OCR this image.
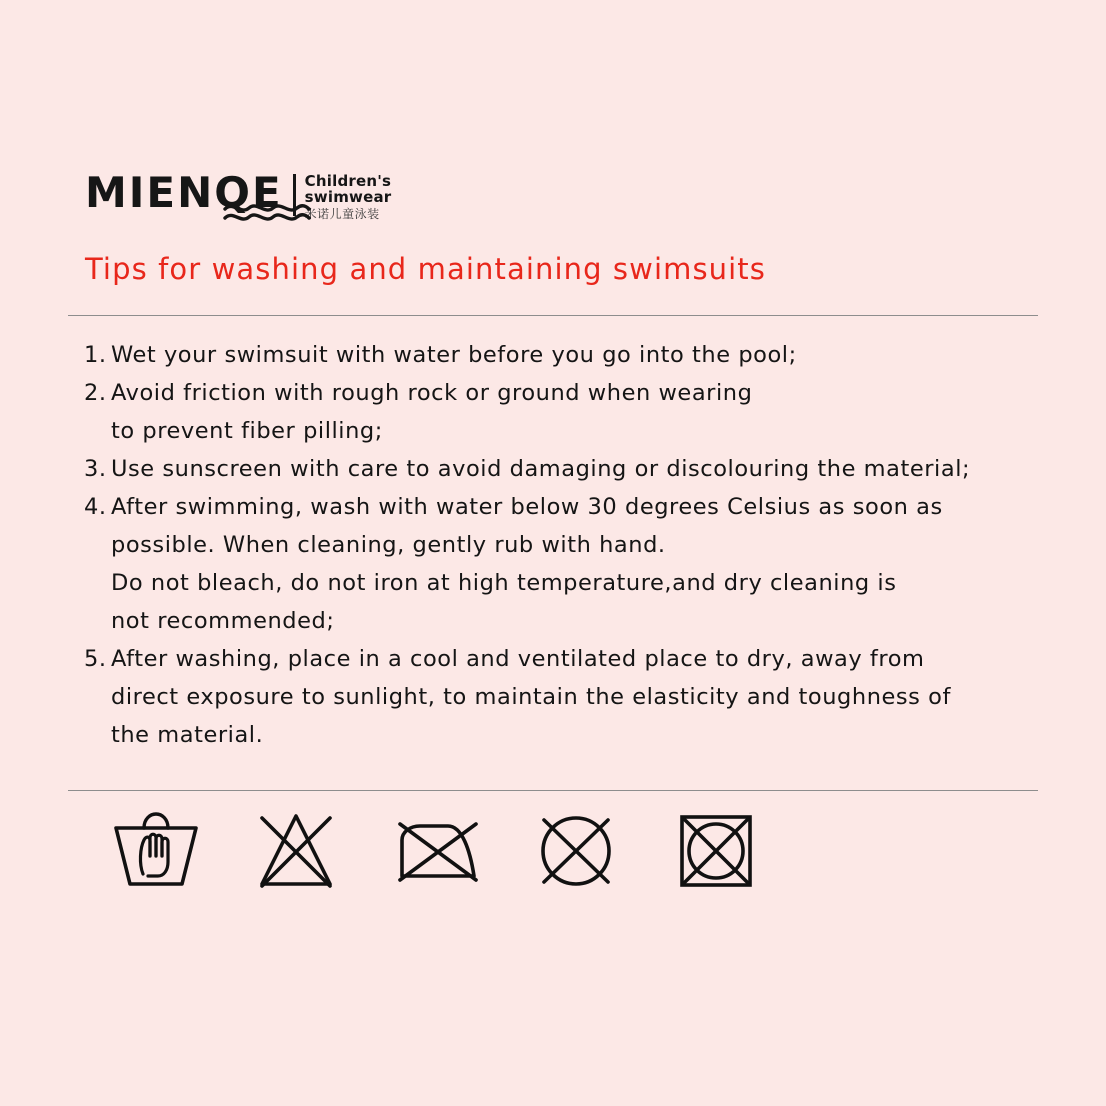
MIENQE Children's
swimwear
米诺儿童泳装
Tips for washing and maintaining swimsuits
1. Wet your swimsuit with water before you go into the pool;
2. Avoid friction with rough rock or ground when wearing
to prevent fiber pilling;
3. Use sunscreen with care to avoid damaging or discolouring the material;
4. After swimming, wash with water below 30 degrees Celsius as soon as
possible. When cleaning, gently rub with hand.
Do not bleach, do not iron at high temperature,and dry cleaning is
not recommended;
5. After washing, place in a cool and ventilated place to dry, away from
direct exposure to sunlight, to maintain the elasticity and toughness of
the material.
